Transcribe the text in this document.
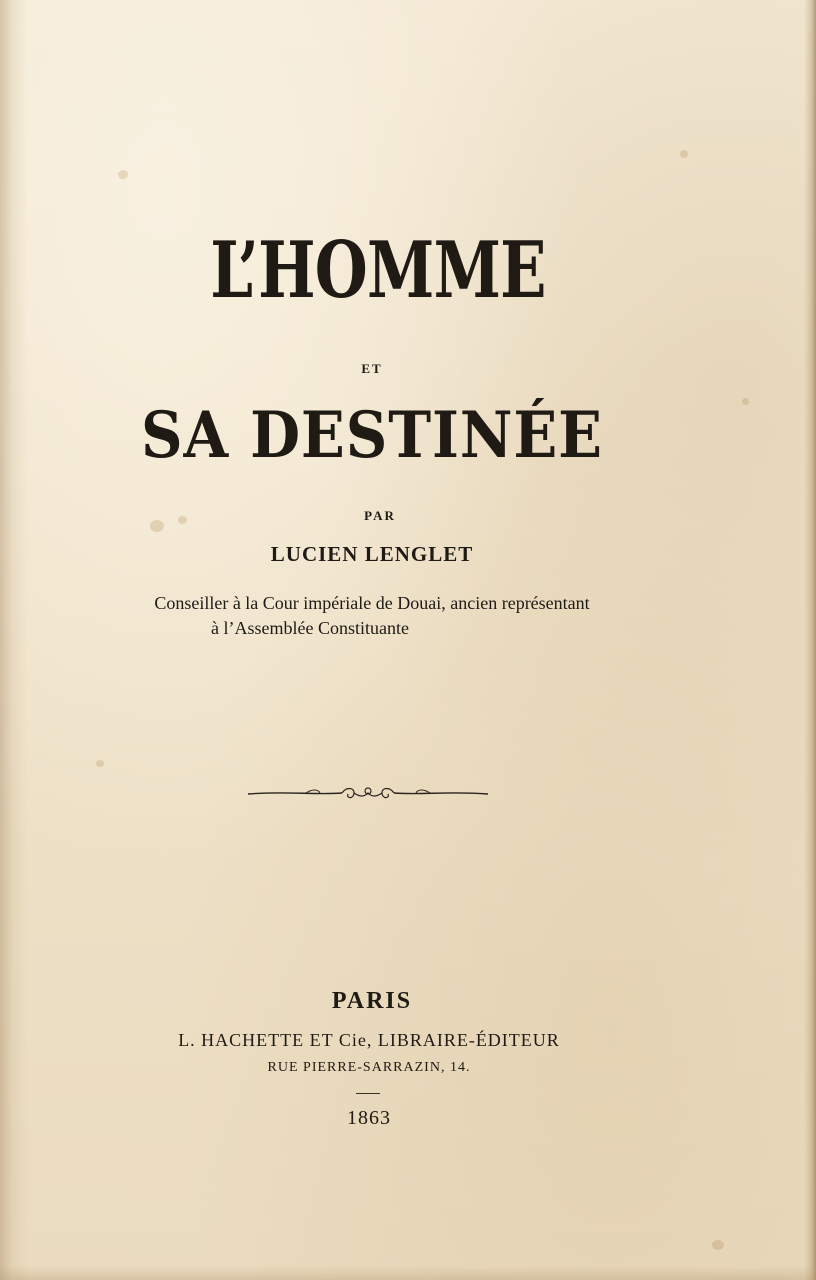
L’HOMME
ET
SA DESTINÉE
PAR
LUCIEN LENGLET
Conseiller à la Cour impériale de Douai, ancien représentant
à l’Assemblée Constituante
PARIS
L. HACHETTE ET Cie, LIBRAIRE-ÉDITEUR
RUE PIERRE-SARRAZIN, 14.
1863
